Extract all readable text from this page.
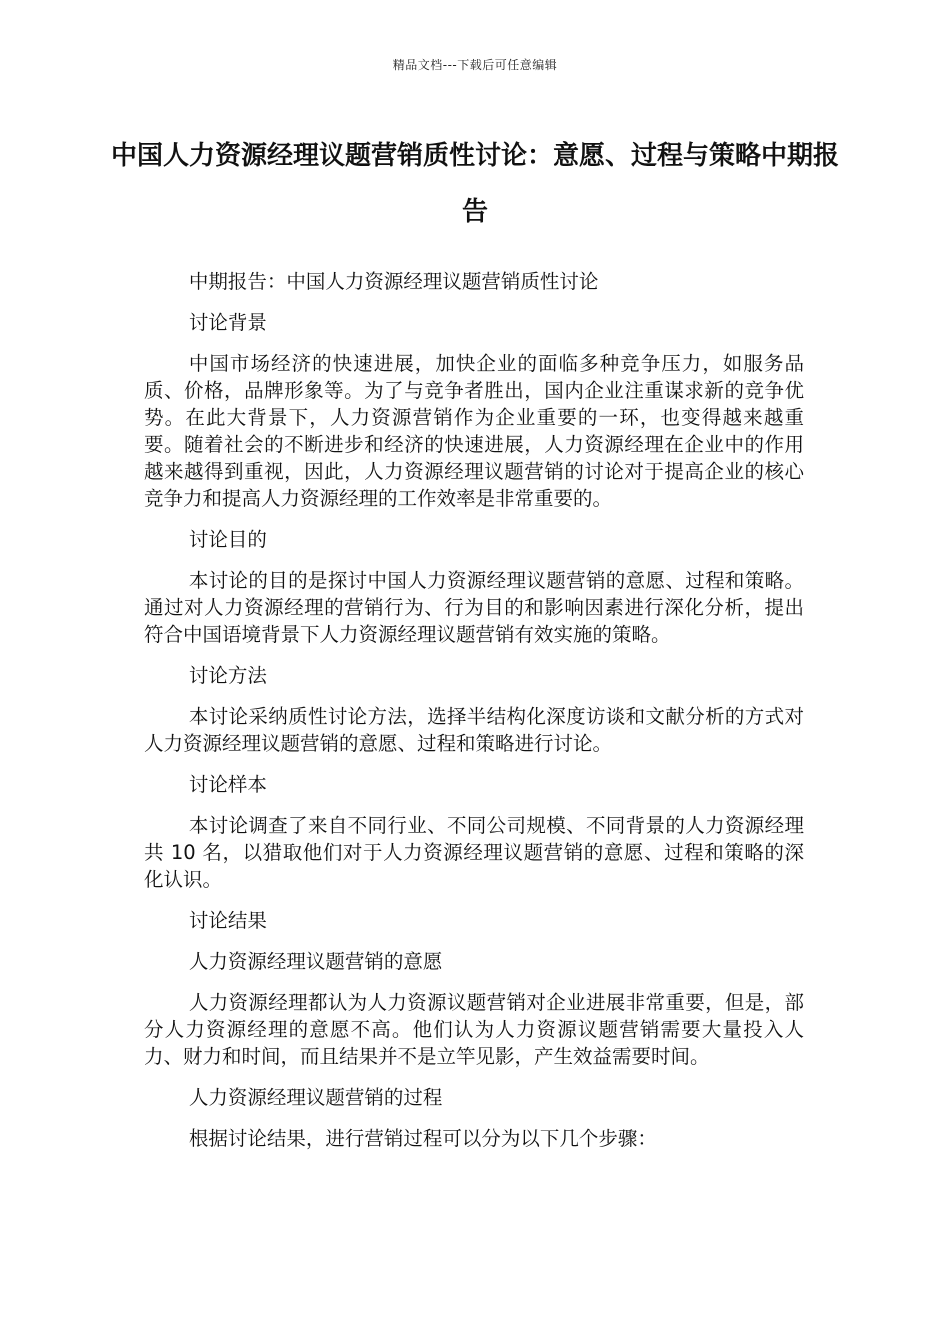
精品文档---下载后可任意编辑
中国人力资源经理议题营销质性讨论：意愿、过程与策略中期报告

中期报告：中国人力资源经理议题营销质性讨论

讨论背景

中国市场经济的快速进展，加快企业的面临多种竞争压力，如服务品质、价格，品牌形象等。为了与竞争者胜出，国内企业注重谋求新的竞争优势。在此大背景下，人力资源营销作为企业重要的一环，也变得越来越重要。随着社会的不断进步和经济的快速进展，人力资源经理在企业中的作用越来越得到重视，因此，人力资源经理议题营销的讨论对于提高企业的核心竞争力和提高人力资源经理的工作效率是非常重要的。

讨论目的

本讨论的目的是探讨中国人力资源经理议题营销的意愿、过程和策略。通过对人力资源经理的营销行为、行为目的和影响因素进行深化分析，提出符合中国语境背景下人力资源经理议题营销有效实施的策略。

讨论方法

本讨论采纳质性讨论方法，选择半结构化深度访谈和文献分析的方式对人力资源经理议题营销的意愿、过程和策略进行讨论。

讨论样本

本讨论调查了来自不同行业、不同公司规模、不同背景的人力资源经理共 10 名，以猎取他们对于人力资源经理议题营销的意愿、过程和策略的深化认识。

讨论结果

人力资源经理议题营销的意愿

人力资源经理都认为人力资源议题营销对企业进展非常重要，但是，部分人力资源经理的意愿不高。他们认为人力资源议题营销需要大量投入人力、财力和时间，而且结果并不是立竿见影，产生效益需要时间。

人力资源经理议题营销的过程

根据讨论结果，进行营销过程可以分为以下几个步骤：
